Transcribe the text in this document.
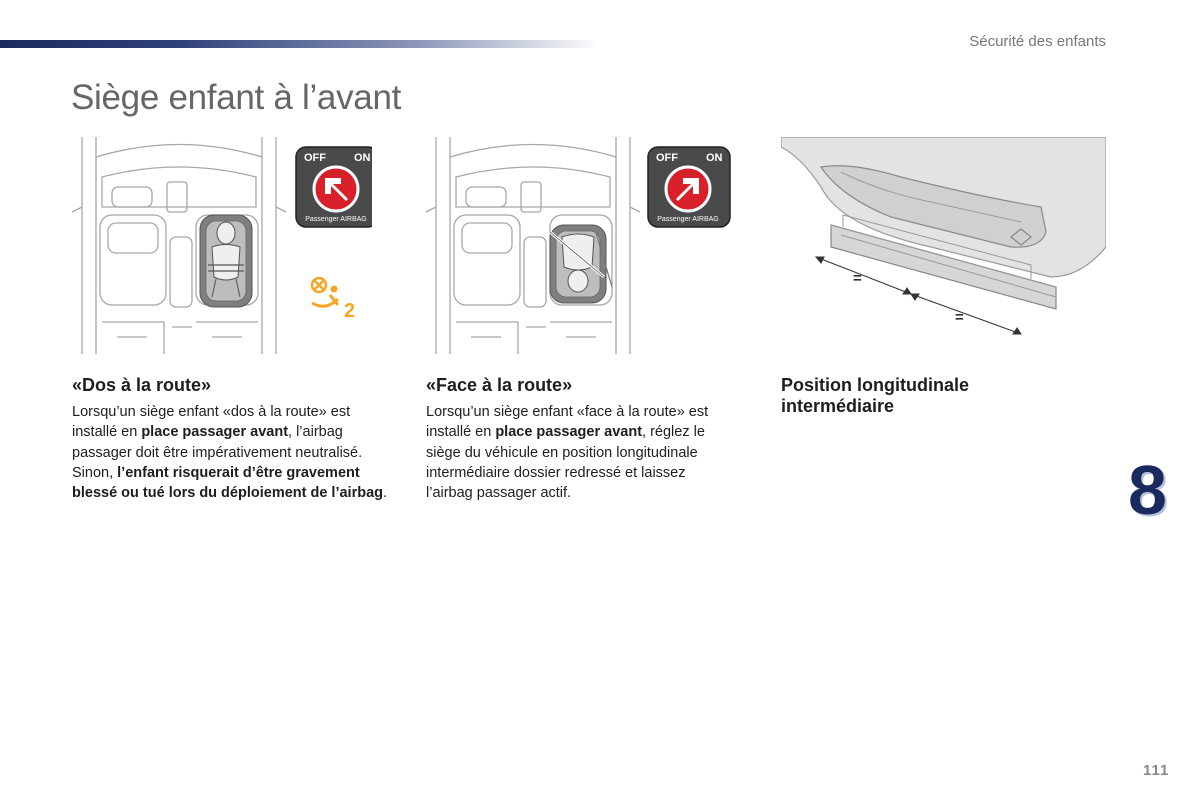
Sécurité des enfants
Siège enfant à l’avant
OFF	ON
Passenger AIRBAG
2
OFF	ON
Passenger AIRBAG
=
=
«Dos à la route»

Lorsqu’un siège enfant «dos à la route» est installé en place passager avant, l’airbag passager doit être impérativement neutralisé. Sinon, l’enfant risquerait d’être gravement blessé ou tué lors du déploiement de l’airbag.

«Face à la route»

Lorsqu’un siège enfant «face à la route» est installé en place passager avant, réglez le siège du véhicule en position longitudinale intermédiaire dossier redressé et laissez l’airbag passager actif.

Position longitudinale intermédiaire
8
111
